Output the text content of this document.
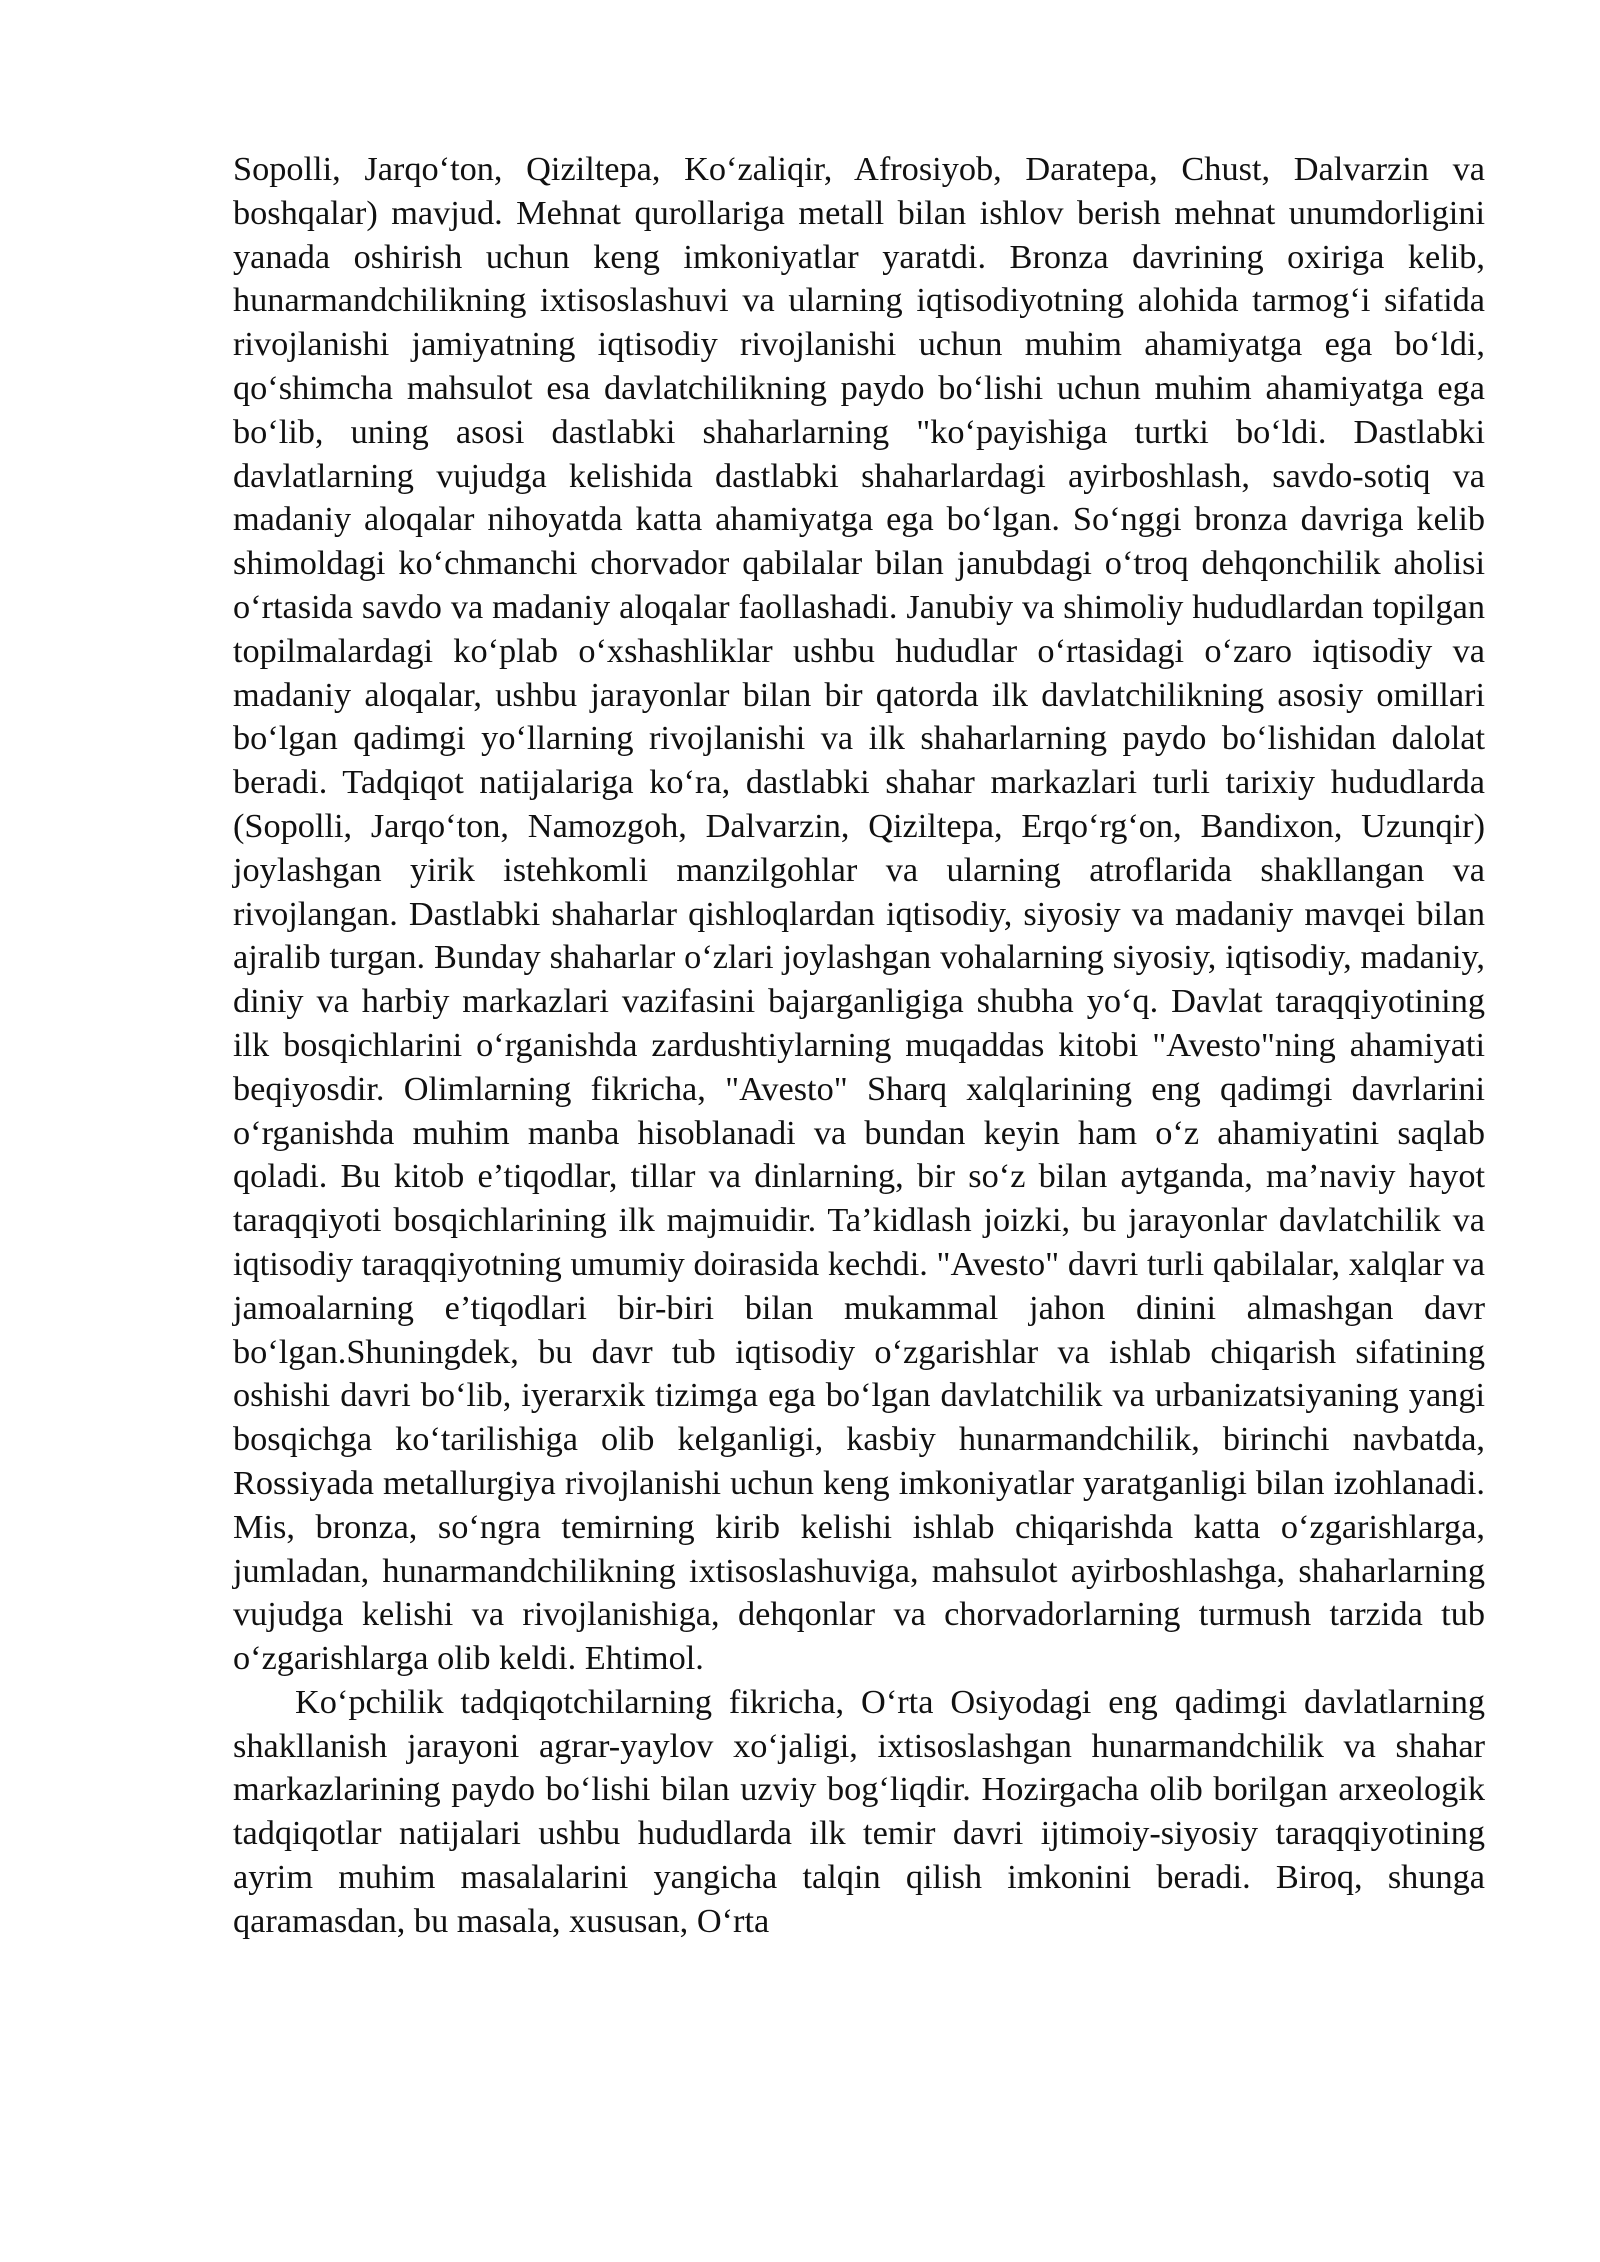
Sopolli, Jarqo‘ton, Qiziltepa, Ko‘zaliqir, Afrosiyob, Daratepa, Chust, Dalvarzin va boshqalar) mavjud. Mehnat qurollariga metall bilan ishlov berish mehnat unumdorligini yanada oshirish uchun keng imkoniyatlar yaratdi. Bronza davrining oxiriga kelib, hunarmandchilikning ixtisoslashuvi va ularning iqtisodiyotning alohida tarmog‘i sifatida rivojlanishi jamiyatning iqtisodiy rivojlanishi uchun muhim ahamiyatga ega bo‘ldi, qo‘shimcha mahsulot esa davlatchilikning paydo bo‘lishi uchun muhim ahamiyatga ega bo‘lib, uning asosi dastlabki shaharlarning "ko‘payishiga turtki bo‘ldi. Dastlabki davlatlarning vujudga kelishida dastlabki shaharlardagi ayirboshlash, savdo-sotiq va madaniy aloqalar nihoyatda katta ahamiyatga ega bo‘lgan. So‘nggi bronza davriga kelib shimoldagi ko‘chmanchi chorvador qabilalar bilan janubdagi o‘troq dehqonchilik aholisi o‘rtasida savdo va madaniy aloqalar faollashadi. Janubiy va shimoliy hududlardan topilgan topilmalardagi ko‘plab o‘xshashliklar ushbu hududlar o‘rtasidagi o‘zaro iqtisodiy va madaniy aloqalar, ushbu jarayonlar bilan bir qatorda ilk davlatchilikning asosiy omillari bo‘lgan qadimgi yo‘llarning rivojlanishi va ilk shaharlarning paydo bo‘lishidan dalolat beradi. Tadqiqot natijalariga ko‘ra, dastlabki shahar markazlari turli tarixiy hududlarda (Sopolli, Jarqo‘ton, Namozgoh, Dalvarzin, Qiziltepa, Erqo‘rg‘on, Bandixon, Uzunqir) joylashgan yirik istehkomli manzilgohlar va ularning atroflarida shakllangan va rivojlangan. Dastlabki shaharlar qishloqlardan iqtisodiy, siyosiy va madaniy mavqei bilan ajralib turgan. Bunday shaharlar o‘zlari joylashgan vohalarning siyosiy, iqtisodiy, madaniy, diniy va harbiy markazlari vazifasini bajarganligiga shubha yo‘q. Davlat taraqqiyotining ilk bosqichlarini o‘rganishda zardushtiylarning muqaddas kitobi "Avesto"ning ahamiyati beqiyosdir. Olimlarning fikricha, "Avesto" Sharq xalqlarining eng qadimgi davrlarini o‘rganishda muhim manba hisoblanadi va bundan keyin ham o‘z ahamiyatini saqlab qoladi. Bu kitob e’tiqodlar, tillar va dinlarning, bir so‘z bilan aytganda, ma’naviy hayot taraqqiyoti bosqichlarining ilk majmuidir. Ta’kidlash joizki, bu jarayonlar davlatchilik va iqtisodiy taraqqiyotning umumiy doirasida kechdi. "Avesto" davri turli qabilalar, xalqlar va jamoalarning e’tiqodlari bir-biri bilan mukammal jahon dinini almashgan davr bo‘lgan.Shuningdek, bu davr tub iqtisodiy o‘zgarishlar va ishlab chiqarish sifatining oshishi davri bo‘lib, iyerarxik tizimga ega bo‘lgan davlatchilik va urbanizatsiyaning yangi bosqichga ko‘tarilishiga olib kelganligi, kasbiy hunarmandchilik, birinchi navbatda, Rossiyada metallurgiya rivojlanishi uchun keng imkoniyatlar yaratganligi bilan izohlanadi. Mis, bronza, so‘ngra temirning kirib kelishi ishlab chiqarishda katta o‘zgarishlarga, jumladan, hunarmandchilikning ixtisoslashuviga, mahsulot ayirboshlashga, shaharlarning vujudga kelishi va rivojlanishiga, dehqonlar va chorvadorlarning turmush tarzida tub o‘zgarishlarga olib keldi. Ehtimol.

Ko‘pchilik tadqiqotchilarning fikricha, O‘rta Osiyodagi eng qadimgi davlatlarning shakllanish jarayoni agrar-yaylov xo‘jaligi, ixtisoslashgan hunarmandchilik va shahar markazlarining paydo bo‘lishi bilan uzviy bog‘liqdir. Hozirgacha olib borilgan arxeologik tadqiqotlar natijalari ushbu hududlarda ilk temir davri ijtimoiy-siyosiy taraqqiyotining ayrim muhim masalalarini yangicha talqin qilish imkonini beradi. Biroq, shunga qaramasdan, bu masala, xususan, O‘rta
